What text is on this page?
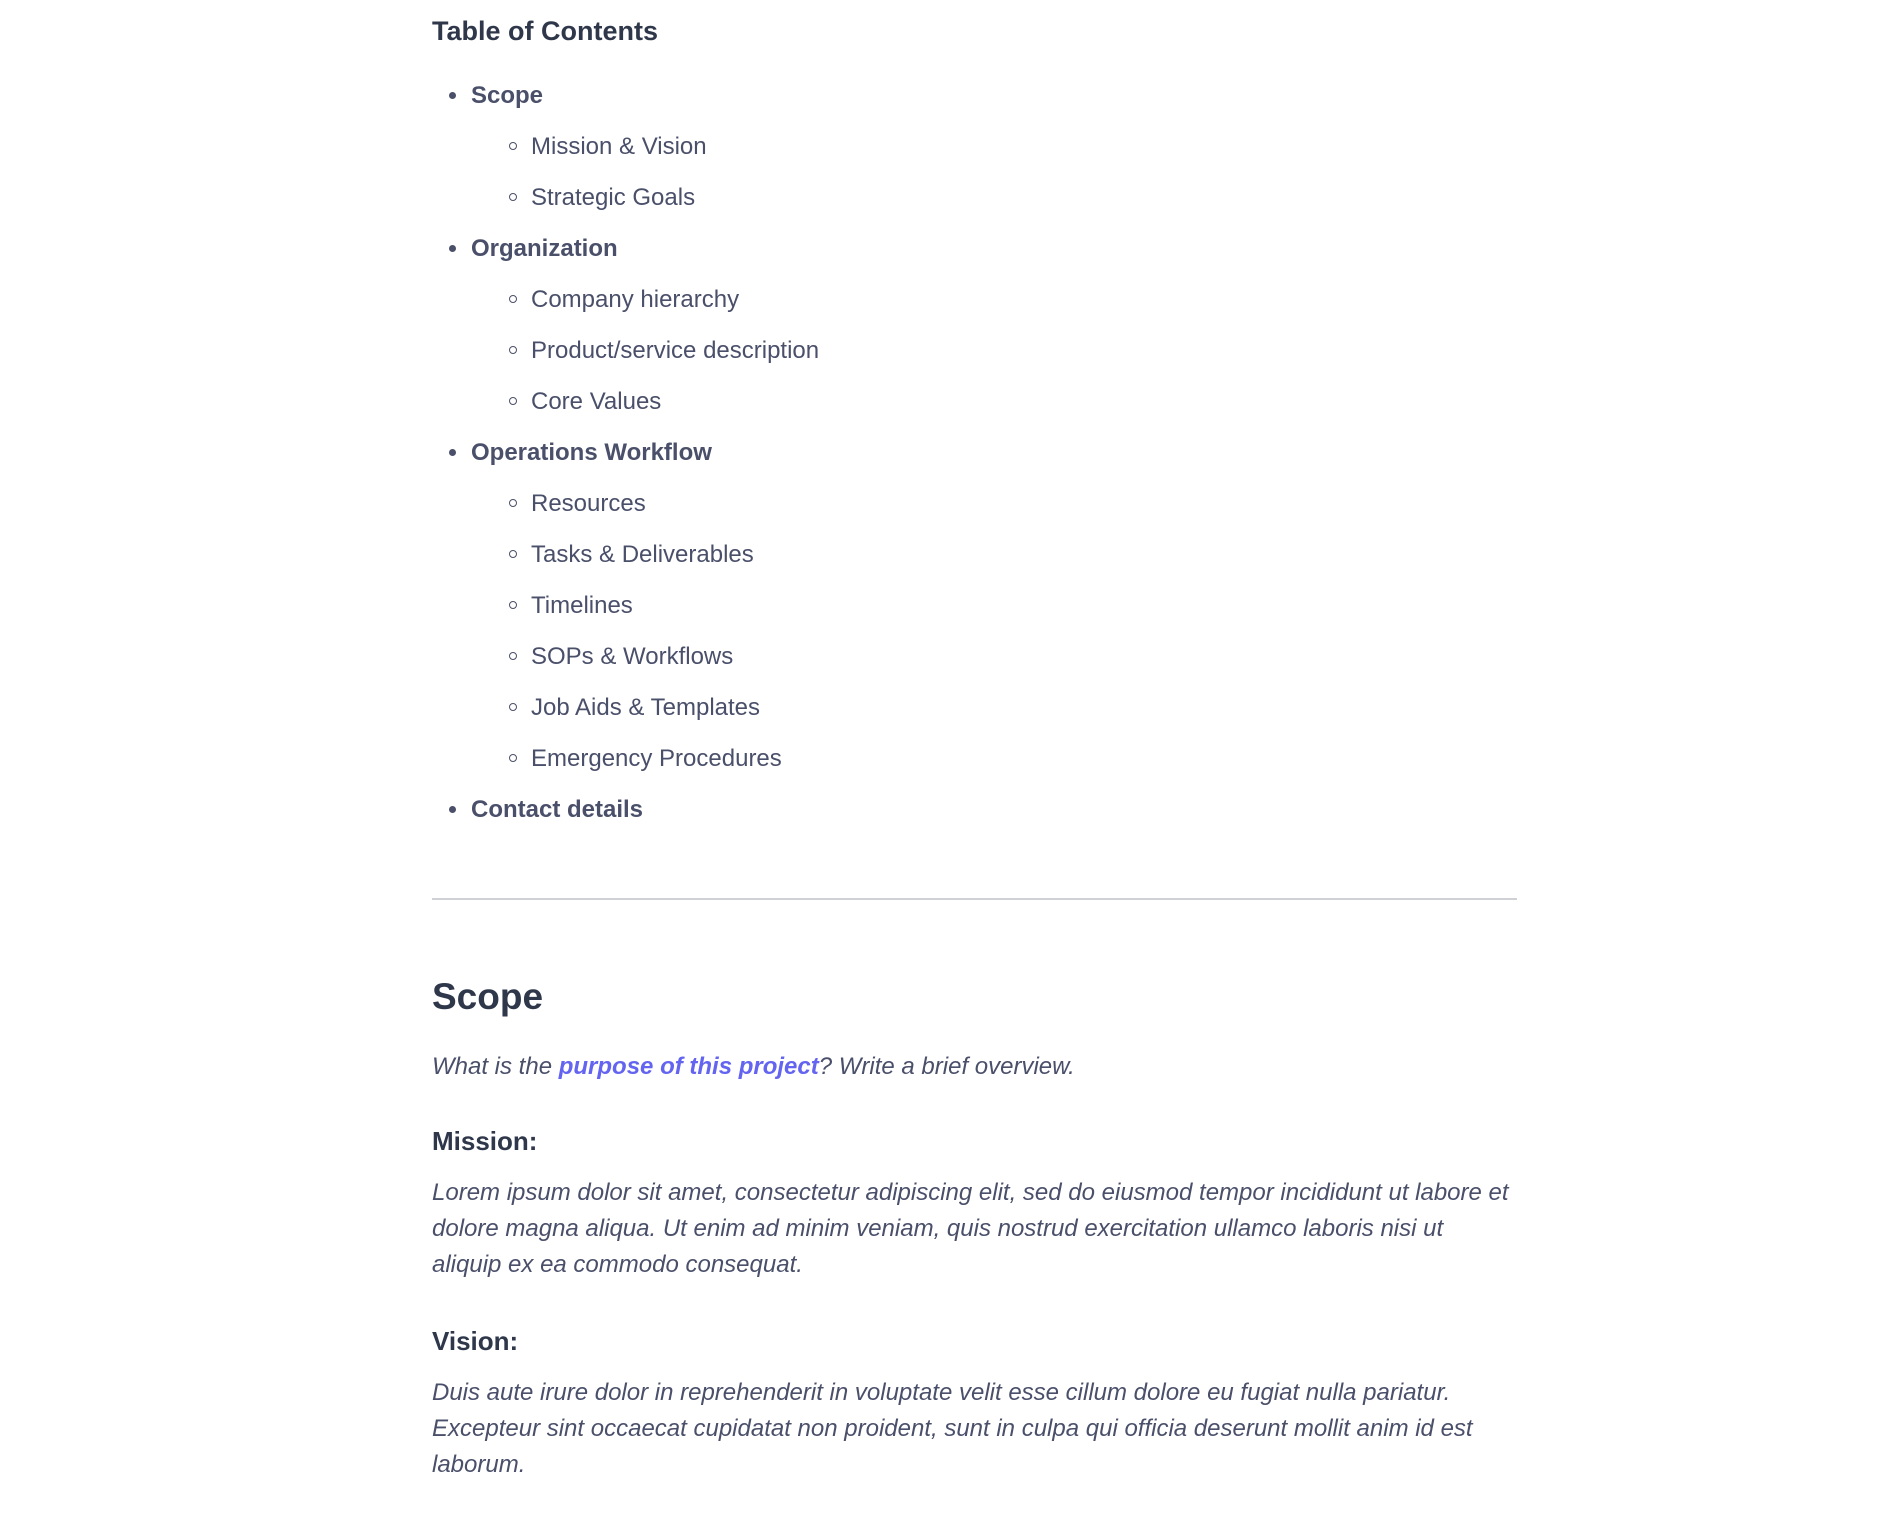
Table of Contents
Scope
Mission & Vision
Strategic Goals
Organization
Company hierarchy
Product/service description
Core Values
Operations Workflow
Resources
Tasks & Deliverables
Timelines
SOPs & Workflows
Job Aids & Templates
Emergency Procedures
Contact details
Scope

What is the purpose of this project? Write a brief overview.

Mission:

Lorem ipsum dolor sit amet, consectetur adipiscing elit, sed do eiusmod tempor incididunt ut labore et dolore magna aliqua. Ut enim ad minim veniam, quis nostrud exercitation ullamco laboris nisi ut aliquip ex ea commodo consequat.

Vision:

Duis aute irure dolor in reprehenderit in voluptate velit esse cillum dolore eu fugiat nulla pariatur. Excepteur sint occaecat cupidatat non proident, sunt in culpa qui officia deserunt mollit anim id est laborum.
